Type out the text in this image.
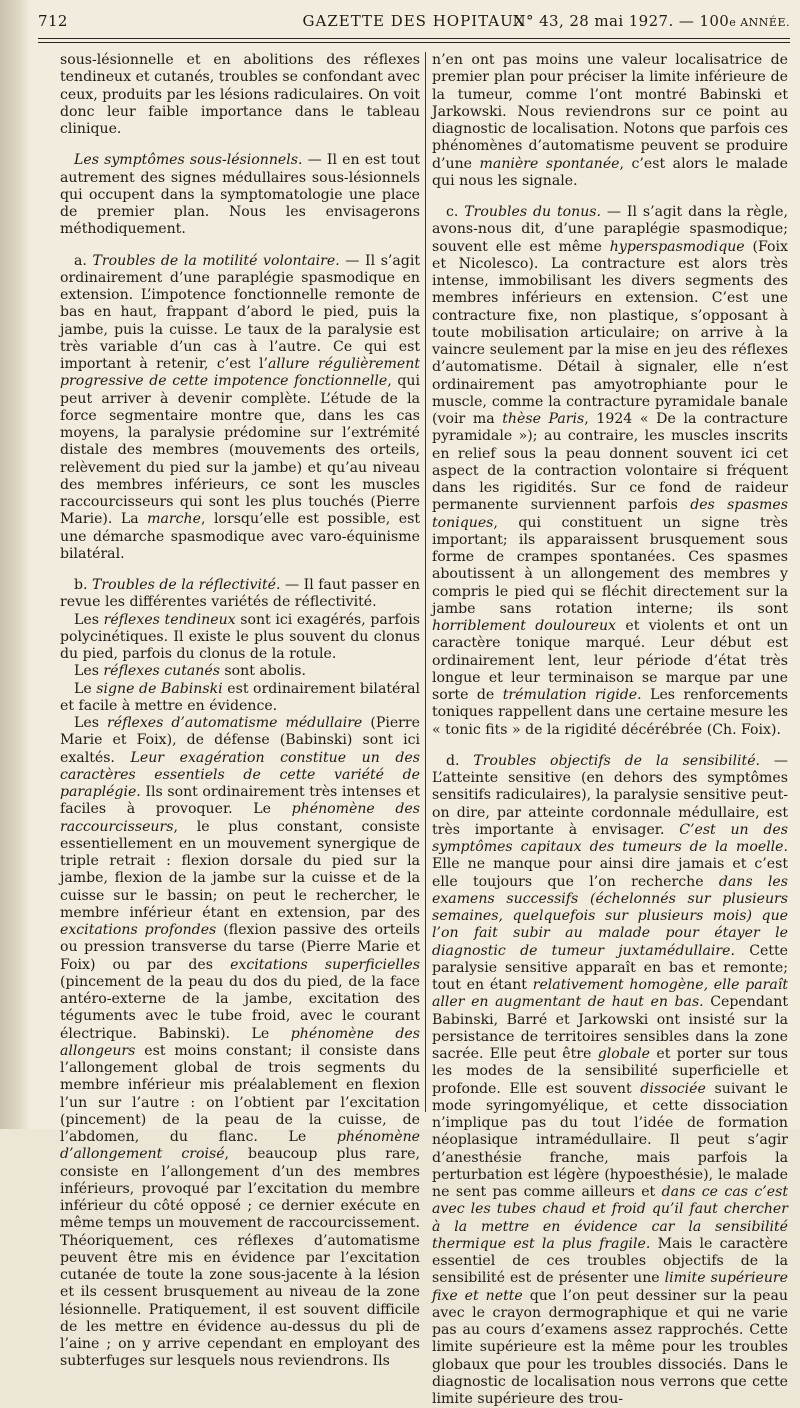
712	GAZETTE DES HOPITAUX
N° 43, 28 mai 1927. — 100e ANNÉE.

sous-lésionnelle et en abolitions des réflexes tendineux et cutanés, troubles se confondant avec ceux, produits par les lésions radiculaires. On voit donc leur faible importance dans le tableau clinique.

Les symptômes sous-lésionnels. — Il en est tout autrement des signes médullaires sous-lésionnels qui occupent dans la symptomatologie une place de premier plan. Nous les envisagerons méthodiquement.

a. Troubles de la motilité volontaire. — Il s’agit ordinairement d’une paraplégie spasmodique en extension. L’impotence fonctionnelle remonte de bas en haut, frappant d’abord le pied, puis la jambe, puis la cuisse. Le taux de la paralysie est très variable d’un cas à l’autre. Ce qui est important à retenir, c’est l’allure régulièrement progressive de cette impotence fonctionnelle, qui peut arriver à devenir complète. L’étude de la force segmentaire montre que, dans les cas moyens, la paralysie prédomine sur l’extrémité distale des membres (mouvements des orteils, relèvement du pied sur la jambe) et qu’au niveau des membres inférieurs, ce sont les muscles raccourcisseurs qui sont les plus touchés (Pierre Marie). La marche, lorsqu’elle est possible, est une démarche spasmodique avec varo-équinisme bilatéral.

b. Troubles de la réflectivité. — Il faut passer en revue les différentes variétés de réflectivité.

Les réflexes tendineux sont ici exagérés, parfois polycinétiques. Il existe le plus souvent du clonus du pied, parfois du clonus de la rotule.

Les réflexes cutanés sont abolis.

Le signe de Babinski est ordinairement bilatéral et facile à mettre en évidence.

Les réflexes d’automatisme médullaire (Pierre Marie et Foix), de défense (Babinski) sont ici exaltés. Leur exagération constitue un des caractères essentiels de cette variété de paraplégie. Ils sont ordinairement très intenses et faciles à provoquer. Le phénomène des raccourcisseurs, le plus constant, consiste essentiellement en un mouvement synergique de triple retrait : flexion dorsale du pied sur la jambe, flexion de la jambe sur la cuisse et de la cuisse sur le bassin; on peut le rechercher, le membre inférieur étant en extension, par des excitations profondes (flexion passive des orteils ou pression transverse du tarse (Pierre Marie et Foix) ou par des excitations superficielles (pincement de la peau du dos du pied, de la face antéro-externe de la jambe, excitation des téguments avec le tube froid, avec le courant électrique. Babinski). Le phénomène des allongeurs est moins constant; il consiste dans l’allongement global de trois segments du membre inférieur mis préalablement en flexion l’un sur l’autre : on l’obtient par l’excitation (pincement) de la peau de la cuisse, de l’abdomen, du flanc. Le phénomène d’allongement croisé, beaucoup plus rare, consiste en l’allongement d’un des membres inférieurs, provoqué par l’excitation du membre inférieur du côté opposé ; ce dernier exécute en même temps un mouvement de raccourcissement. Théoriquement, ces réflexes d’automatisme peuvent être mis en évidence par l’excitation cutanée de toute la zone sous-jacente à la lésion et ils cessent brusquement au niveau de la zone lésionnelle. Pratiquement, il est souvent difficile de les mettre en évidence au-dessus du pli de l’aine ; on y arrive cependant en employant des subterfuges sur lesquels nous reviendrons. Ils

n’en ont pas moins une valeur localisatrice de premier plan pour préciser la limite inférieure de la tumeur, comme l’ont montré Babinski et Jarkowski. Nous reviendrons sur ce point au diagnostic de localisation. Notons que parfois ces phénomènes d’automatisme peuvent se produire d’une manière spontanée, c’est alors le malade qui nous les signale.

c. Troubles du tonus. — Il s’agit dans la règle, avons-nous dit, d’une paraplégie spasmodique; souvent elle est même hyperspasmodique (Foix et Nicolesco). La contracture est alors très intense, immobilisant les divers segments des membres inférieurs en extension. C’est une contracture fixe, non plastique, s’opposant à toute mobilisation articulaire; on arrive à la vaincre seulement par la mise en jeu des réflexes d’automatisme. Détail à signaler, elle n’est ordinairement pas amyotrophiante pour le muscle, comme la contracture pyramidale banale (voir ma thèse Paris, 1924 « De la contracture pyramidale »); au contraire, les muscles inscrits en relief sous la peau donnent souvent ici cet aspect de la contraction volontaire si fréquent dans les rigidités. Sur ce fond de raideur permanente surviennent parfois des spasmes toniques, qui constituent un signe très important; ils apparaissent brusquement sous forme de crampes spontanées. Ces spasmes aboutissent à un allongement des membres y compris le pied qui se fléchit directement sur la jambe sans rotation interne; ils sont horriblement douloureux et violents et ont un caractère tonique marqué. Leur début est ordinairement lent, leur période d’état très longue et leur terminaison se marque par une sorte de trémulation rigide. Les renforcements toniques rappellent dans une certaine mesure les « tonic fits » de la rigidité décérébrée (Ch. Foix).

d. Troubles objectifs de la sensibilité. — L’atteinte sensitive (en dehors des symptômes sensitifs radiculaires), la paralysie sensitive peut-on dire, par atteinte cordonnale médullaire, est très importante à envisager. C’est un des symptômes capitaux des tumeurs de la moelle. Elle ne manque pour ainsi dire jamais et c’est elle toujours que l’on recherche dans les examens successifs (échelonnés sur plusieurs semaines, quelquefois sur plusieurs mois) que l’on fait subir au malade pour étayer le diagnostic de tumeur juxtamédullaire. Cette paralysie sensitive apparaît en bas et remonte; tout en étant relativement homogène, elle paraît aller en augmentant de haut en bas. Cependant Babinski, Barré et Jarkowski ont insisté sur la persistance de territoires sensibles dans la zone sacrée. Elle peut être globale et porter sur tous les modes de la sensibilité superficielle et profonde. Elle est souvent dissociée suivant le mode syringomyélique, et cette dissociation n’implique pas du tout l’idée de formation néoplasique intramédullaire. Il peut s’agir d’anesthésie franche, mais parfois la perturbation est légère (hypoesthésie), le malade ne sent pas comme ailleurs et dans ce cas c’est avec les tubes chaud et froid qu’il faut chercher à la mettre en évidence car la sensibilité thermique est la plus fragile. Mais le caractère essentiel de ces troubles objectifs de la sensibilité est de présenter une limite supérieure fixe et nette que l’on peut dessiner sur la peau avec le crayon dermographique et qui ne varie pas au cours d’examens assez rapprochés. Cette limite supérieure est la même pour les troubles globaux que pour les troubles dissociés. Dans le diagnostic de localisation nous verrons que cette limite supérieure des trou-
